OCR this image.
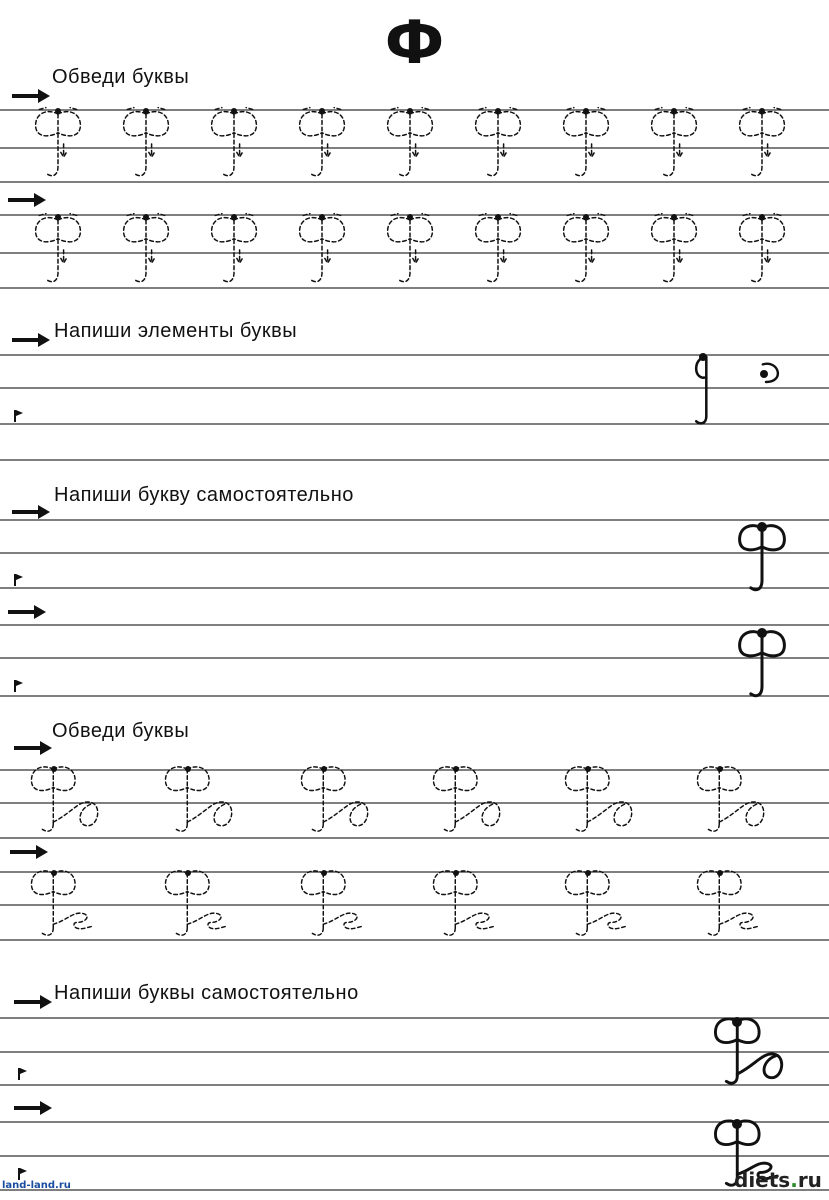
Ф
Обведи буквы
Напиши элементы буквы
Напиши букву самостоятельно
Обведи буквы
Напиши буквы самостоятельно
land-land.ru	diets.ru
